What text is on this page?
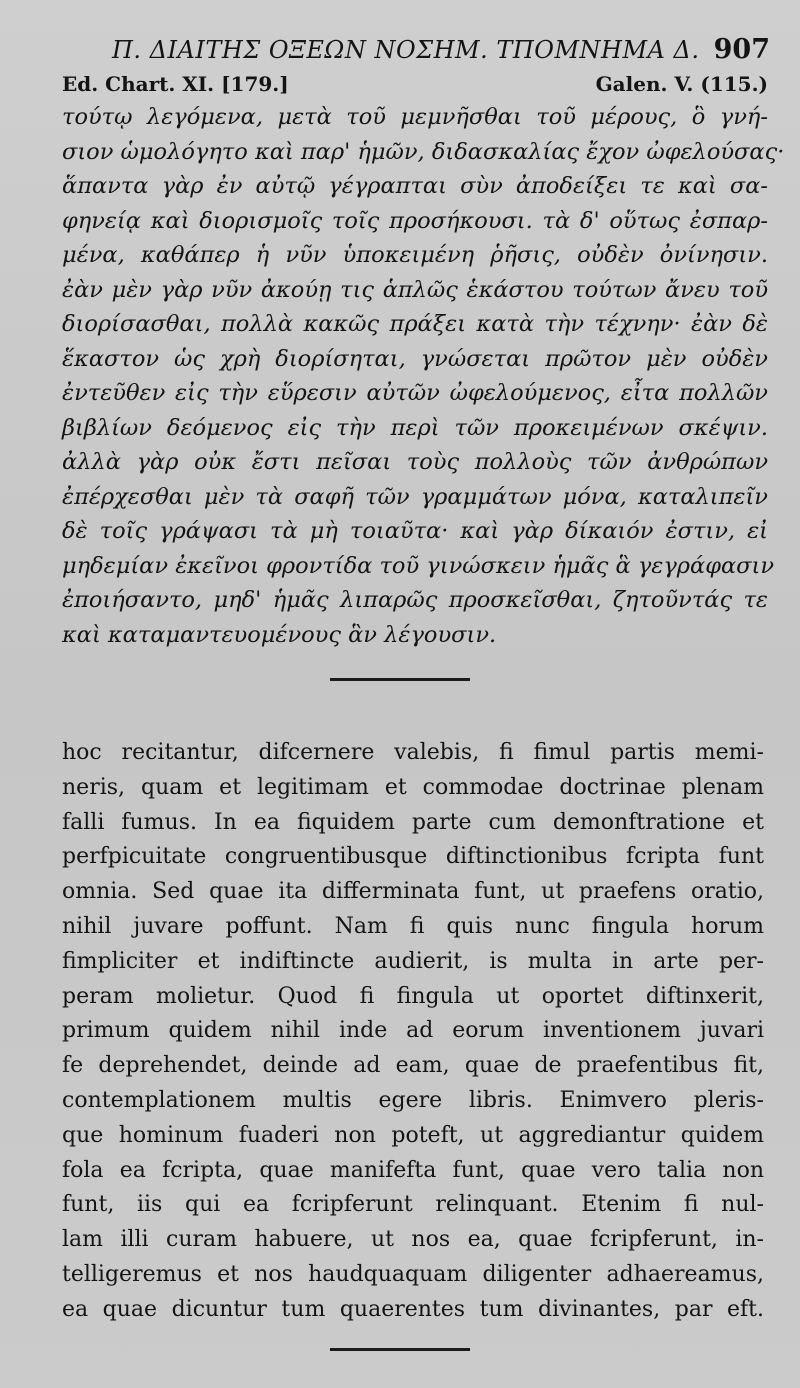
Π. ΔΙΑΙΤΗΣ ΟΞΕΩΝ ΝΟΣΗΜ. ΤΠΟΜΝΗΜΑ Δ. 907
Ed. Chart. XI. [179.]	Galen. V. (115.)
τούτῳ λεγόμενα, μετὰ τοῦ μεμνῆσθαι τοῦ μέρους, ὃ γνή-
σιον ὡμολόγητο καὶ παρ' ἡμῶν, διδασκαλίας ἔχον ὠφελούσας·
ἅπαντα γὰρ ἐν αὐτῷ γέγραπται σὺν ἀποδείξει τε καὶ σα-
φηνείᾳ καὶ διορισμοῖς τοῖς προσήκουσι. τὰ δ' οὕτως ἐσπαρ-
μένα, καθάπερ ἡ νῦν ὑποκειμένη ῥῆσις, οὐδὲν ὀνίνησιν.
ἐὰν μὲν γὰρ νῦν ἀκούῃ τις ἁπλῶς ἑκάστου τούτων ἄνευ τοῦ
διορίσασθαι, πολλὰ κακῶς πράξει κατὰ τὴν τέχνην· ἐὰν δὲ
ἕκαστον ὡς χρὴ διορίσηται, γνώσεται πρῶτον μὲν οὐδὲν
ἐντεῦθεν εἰς τὴν εὕρεσιν αὐτῶν ὠφελούμενος, εἶτα πολλῶν
βιβλίων δεόμενος εἰς τὴν περὶ τῶν προκειμένων σκέψιν.
ἀλλὰ γὰρ οὐκ ἔστι πεῖσαι τοὺς πολλοὺς τῶν ἀνθρώπων
ἐπέρχεσθαι μὲν τὰ σαφῆ τῶν γραμμάτων μόνα, καταλιπεῖν
δὲ τοῖς γράψασι τὰ μὴ τοιαῦτα· καὶ γὰρ δίκαιόν ἐστιν, εἰ
μηδεμίαν ἐκεῖνοι φροντίδα τοῦ γινώσκειν ἡμᾶς ἃ γεγράφασιν
ἐποιήσαντο, μηδ' ἡμᾶς λιπαρῶς προσκεῖσθαι, ζητοῦντάς τε
καὶ καταμαντευομένους ἃν λέγουσιν.
hoc recitantur, difcernere valebis, fi fimul partis memi-
neris, quam et legitimam et commodae doctrinae plenam
falli fumus. In ea fiquidem parte cum demonftratione et
perfpicuitate congruentibusque diftinctionibus fcripta funt
omnia. Sed quae ita differminata funt, ut praefens oratio,
nihil juvare poffunt. Nam fi quis nunc fingula horum
fimpliciter et indiftincte audierit, is multa in arte per-
peram molietur. Quod fi fingula ut oportet diftinxerit,
primum quidem nihil inde ad eorum inventionem juvari
fe deprehendet, deinde ad eam, quae de praefentibus fit,
contemplationem multis egere libris. Enimvero pleris-
que hominum fuaderi non poteft, ut aggrediantur quidem
fola ea fcripta, quae manifefta funt, quae vero talia non
funt, iis qui ea fcripferunt relinquant. Etenim fi nul-
lam illi curam habuere, ut nos ea, quae fcripferunt, in-
telligeremus et nos haudquaquam diligenter adhaereamus,
ea quae dicuntur tum quaerentes tum divinantes, par eft.
